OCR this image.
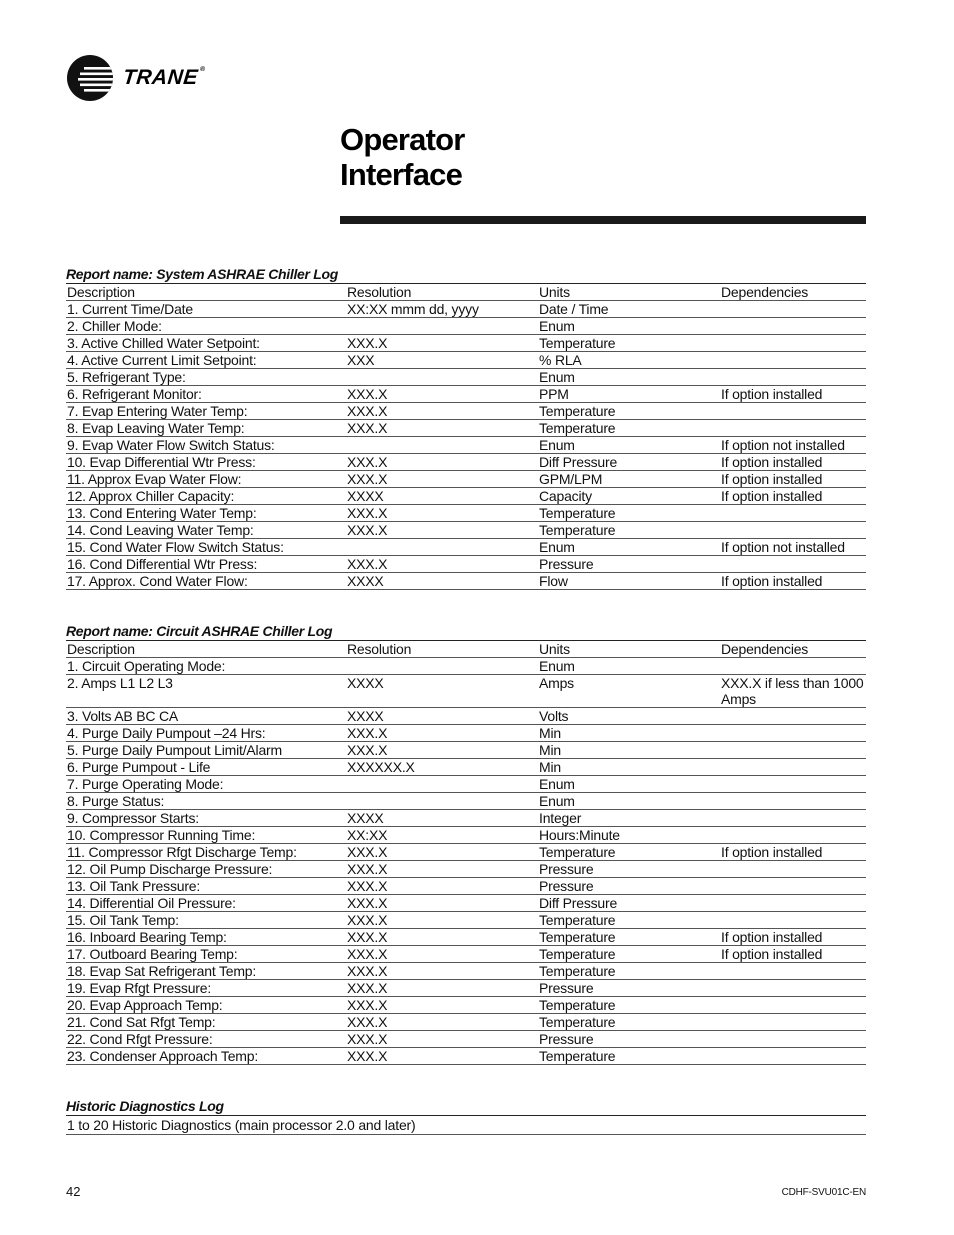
TRANE®
Operator
Interface
Report name: System ASHRAE Chiller Log
Description	Resolution	Units	Dependencies
1. Current Time/Date	XX:XX mmm dd, yyyy	Date / Time	
2. Chiller Mode:		Enum	
3. Active Chilled Water Setpoint:	XXX.X	Temperature	
4. Active Current Limit Setpoint:	XXX	% RLA	
5. Refrigerant Type:		Enum	
6. Refrigerant Monitor:	XXX.X	PPM	If option installed
7. Evap Entering Water Temp:	XXX.X	Temperature	
8. Evap Leaving Water Temp:	XXX.X	Temperature	
9. Evap Water Flow Switch Status:		Enum	If option not installed
10. Evap Differential Wtr Press:	XXX.X	Diff Pressure	If option installed
11. Approx Evap Water Flow:	XXX.X	GPM/LPM	If option installed
12. Approx Chiller Capacity:	XXXX	Capacity	If option installed
13. Cond Entering Water Temp:	XXX.X	Temperature	
14. Cond Leaving Water Temp:	XXX.X	Temperature	
15. Cond Water Flow Switch Status:		Enum	If option not installed
16. Cond Differential Wtr Press:	XXX.X	Pressure	
17. Approx. Cond Water Flow:	XXXX	Flow	If option installed
Report name: Circuit ASHRAE Chiller Log
Description	Resolution	Units	Dependencies
1. Circuit Operating Mode:		Enum	
2. Amps L1 L2 L3	XXXX	Amps	XXX.X if less than 1000 Amps
3. Volts AB BC CA	XXXX	Volts	
4. Purge Daily Pumpout –24 Hrs:	XXX.X	Min	
5. Purge Daily Pumpout Limit/Alarm	XXX.X	Min	
6. Purge Pumpout - Life	XXXXXX.X	Min	
7. Purge Operating Mode:		Enum	
8. Purge Status:		Enum	
9. Compressor Starts:	XXXX	Integer	
10. Compressor Running Time:	XX:XX	Hours:Minute	
11. Compressor Rfgt Discharge Temp:	XXX.X	Temperature	If option installed
12. Oil Pump Discharge Pressure:	XXX.X	Pressure	
13. Oil Tank Pressure:	XXX.X	Pressure	
14. Differential Oil Pressure:	XXX.X	Diff Pressure	
15. Oil Tank Temp:	XXX.X	Temperature	
16. Inboard Bearing Temp:	XXX.X	Temperature	If option installed
17. Outboard Bearing Temp:	XXX.X	Temperature	If option installed
18. Evap Sat Refrigerant Temp:	XXX.X	Temperature	
19. Evap Rfgt Pressure:	XXX.X	Pressure	
20. Evap Approach Temp:	XXX.X	Temperature	
21. Cond Sat Rfgt Temp:	XXX.X	Temperature	
22. Cond Rfgt Pressure:	XXX.X	Pressure	
23. Condenser Approach Temp:	XXX.X	Temperature	
Historic Diagnostics Log
1 to 20 Historic Diagnostics (main processor 2.0 and later)
42	CDHF-SVU01C-EN
